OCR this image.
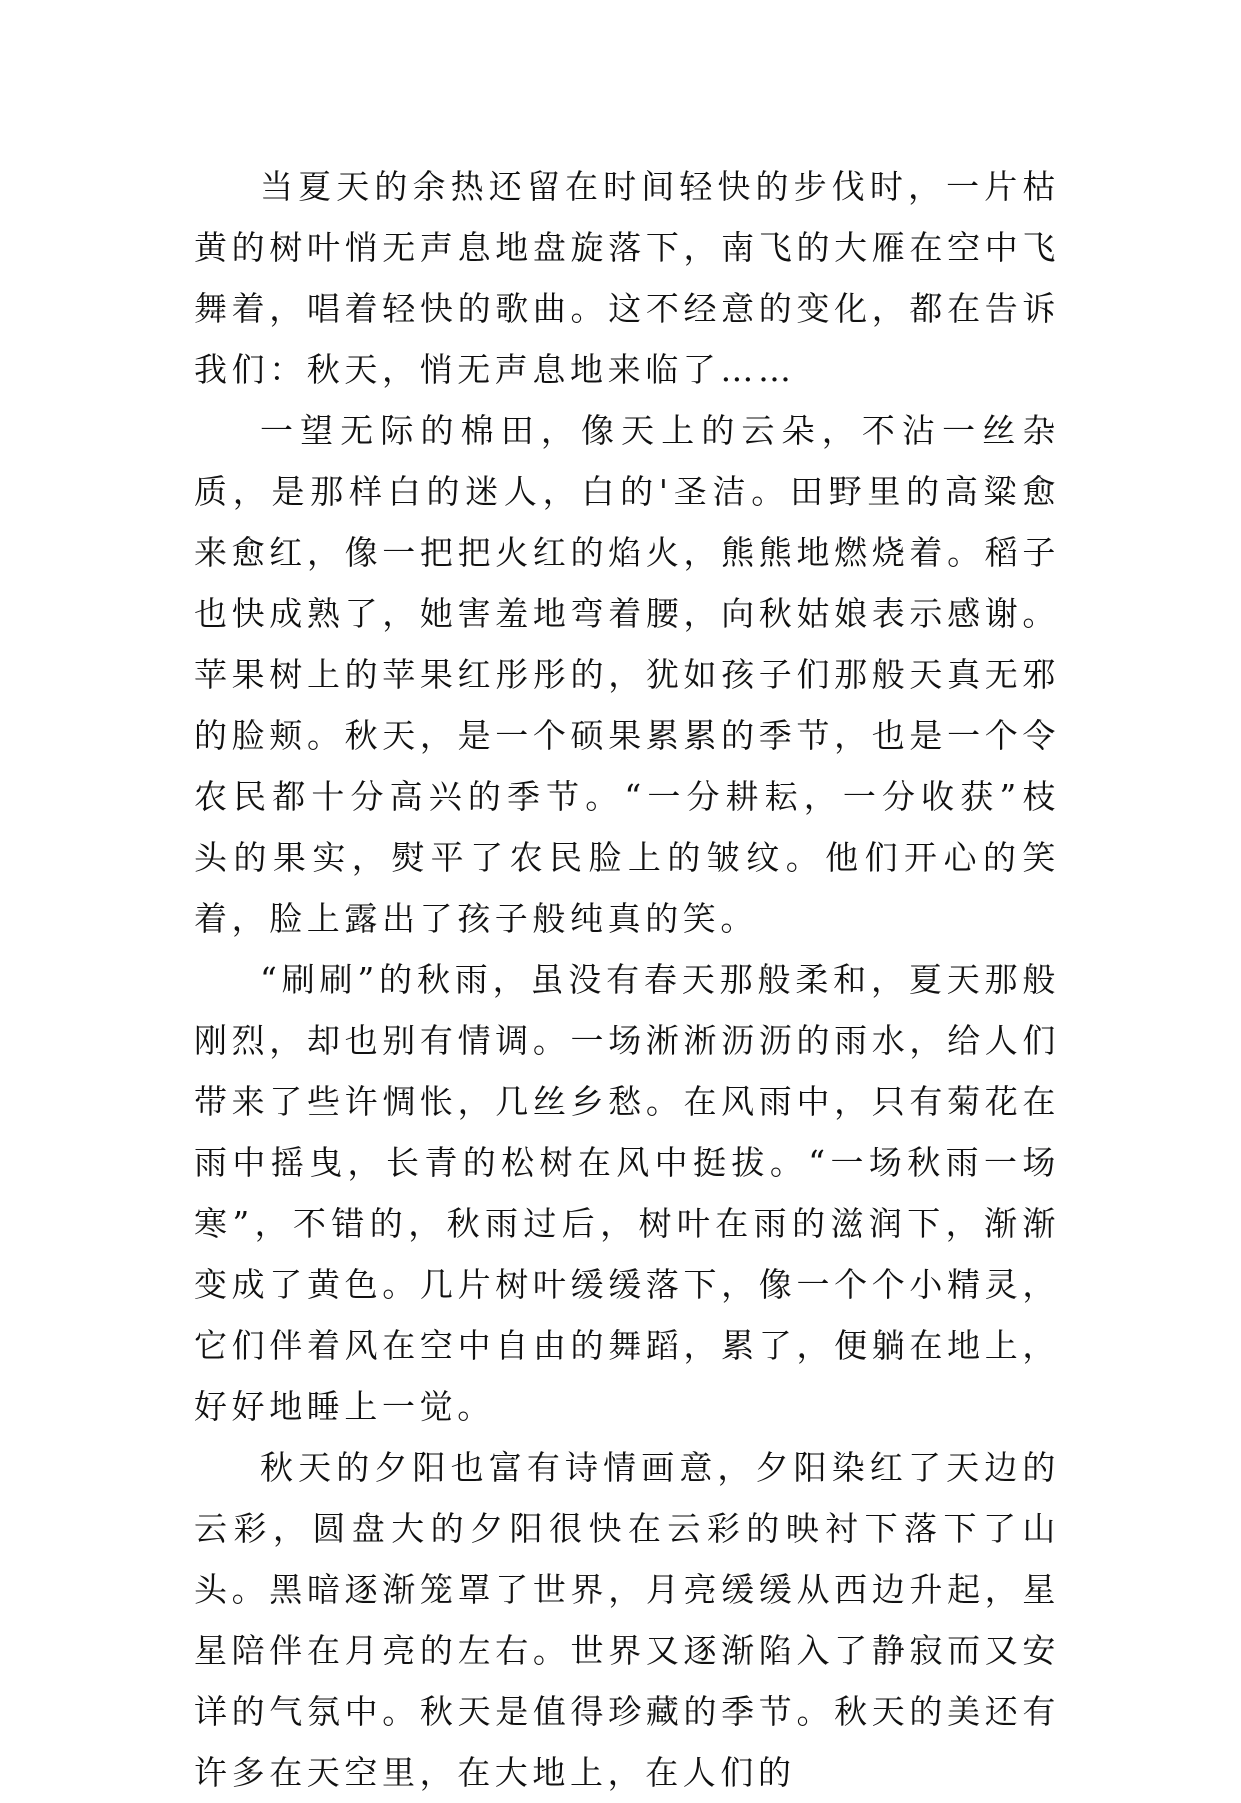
当夏天的余热还留在时间轻快的步伐时，一片枯黄的树叶悄无声息地盘旋落下，南飞的大雁在空中飞舞着，唱着轻快的歌曲。这不经意的变化，都在告诉我们：秋天，悄无声息地来临了……

一望无际的棉田，像天上的云朵，不沾一丝杂质，是那样白的迷人，白的'圣洁。田野里的高粱愈来愈红，像一把把火红的焰火，熊熊地燃烧着。稻子也快成熟了，她害羞地弯着腰，向秋姑娘表示感谢。苹果树上的苹果红彤彤的，犹如孩子们那般天真无邪的脸颊。秋天，是一个硕果累累的季节，也是一个令农民都十分高兴的季节。“一分耕耘，一分收获”枝头的果实，熨平了农民脸上的皱纹。他们开心的笑着，脸上露出了孩子般纯真的笑。

“刷刷”的秋雨，虽没有春天那般柔和，夏天那般刚烈，却也别有情调。一场淅淅沥沥的雨水，给人们带来了些许惆怅，几丝乡愁。在风雨中，只有菊花在雨中摇曳，长青的松树在风中挺拔。“一场秋雨一场寒”，不错的，秋雨过后，树叶在雨的滋润下，渐渐变成了黄色。几片树叶缓缓落下，像一个个小精灵，它们伴着风在空中自由的舞蹈，累了，便躺在地上，好好地睡上一觉。

秋天的夕阳也富有诗情画意，夕阳染红了天边的云彩，圆盘大的夕阳很快在云彩的映衬下落下了山头。黑暗逐渐笼罩了世界，月亮缓缓从西边升起，星星陪伴在月亮的左右。世界又逐渐陷入了静寂而又安详的气氛中。秋天是值得珍藏的季节。秋天的美还有许多在天空里，在大地上，在人们的
